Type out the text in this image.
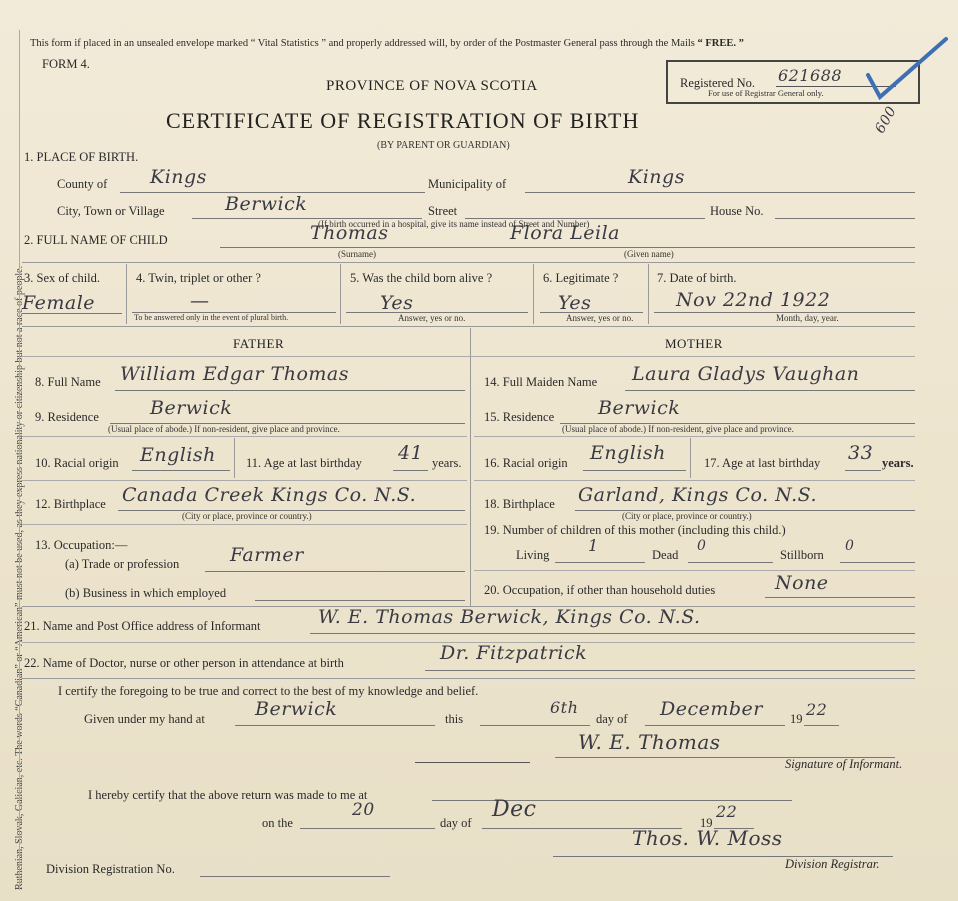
Ruthenian, Slovak, Galician, etc. The words “Canadian” or “American” must not be used, as they express nationality or citizenship but not a race of people.
This form if placed in an unsealed envelope marked “ Vital Statistics ” and properly addressed will, by order of the Postmaster General pass through the Mails “ FREE. ”
FORM 4.
PROVINCE OF NOVA SCOTIA
CERTIFICATE OF REGISTRATION OF BIRTH
(BY PARENT OR GUARDIAN)
Registered No. 621688
For use of Registrar General only.
600
1. PLACE OF BIRTH.
County of Kings	Municipality of	Kings
City, Town or Village	Berwick	Street	House No.
(If birth occurred in a hospital, give its name instead of Street and Number)
2. FULL NAME OF CHILD	Thomas	Flora Leila
(Surname)	(Given name)
3. Sex of child.
Female
4. Twin, triplet or other ?
—
To be answered only in the event of plural birth.
5. Was the child born alive ?
Yes
Answer, yes or no.
6. Legitimate ?
Yes
Answer, yes or no.
7. Date of birth.
Nov 22nd 1922
Month, day, year.
FATHER	MOTHER
8. Full Name William Edgar Thomas
9. Residence	Berwick
(Usual place of abode.) If non-resident, give place and province.
10. Racial origin English 11. Age at last birthday 41 years.
12. Birthplace Canada Creek Kings Co. N.S.
(City or place, province or country.)
13. Occupation:—
(a) Trade or profession	Farmer
(b) Business in which employed
14. Full Maiden Name Laura Gladys Vaughan
15. Residence Berwick
(Usual place of abode.) If non-resident, give place and province.
16. Racial origin English	17. Age at last birthday 33 years.
18. Birthplace Garland, Kings Co. N.S.
(City or place, province or country.)
19. Number of children of this mother (including this child.)
Living 1	Dead
0
Stillborn
0
20. Occupation, if other than household duties	None
21. Name and Post Office address of Informant	W. E. Thomas Berwick, Kings Co. N.S.
22. Name of Doctor, nurse or other person in attendance at birth	Dr. Fitzpatrick
I certify the foregoing to be true and correct to the best of my knowledge and belief.
Given under my hand at	Berwick	this
6th
day of December 19 22
W. E. Thomas
Signature of Informant.
I hereby certify that the above return was made to me at
on the
20
day of
Dec
19
22
Thos. W. Moss
Division Registrar.
Division Registration No.
